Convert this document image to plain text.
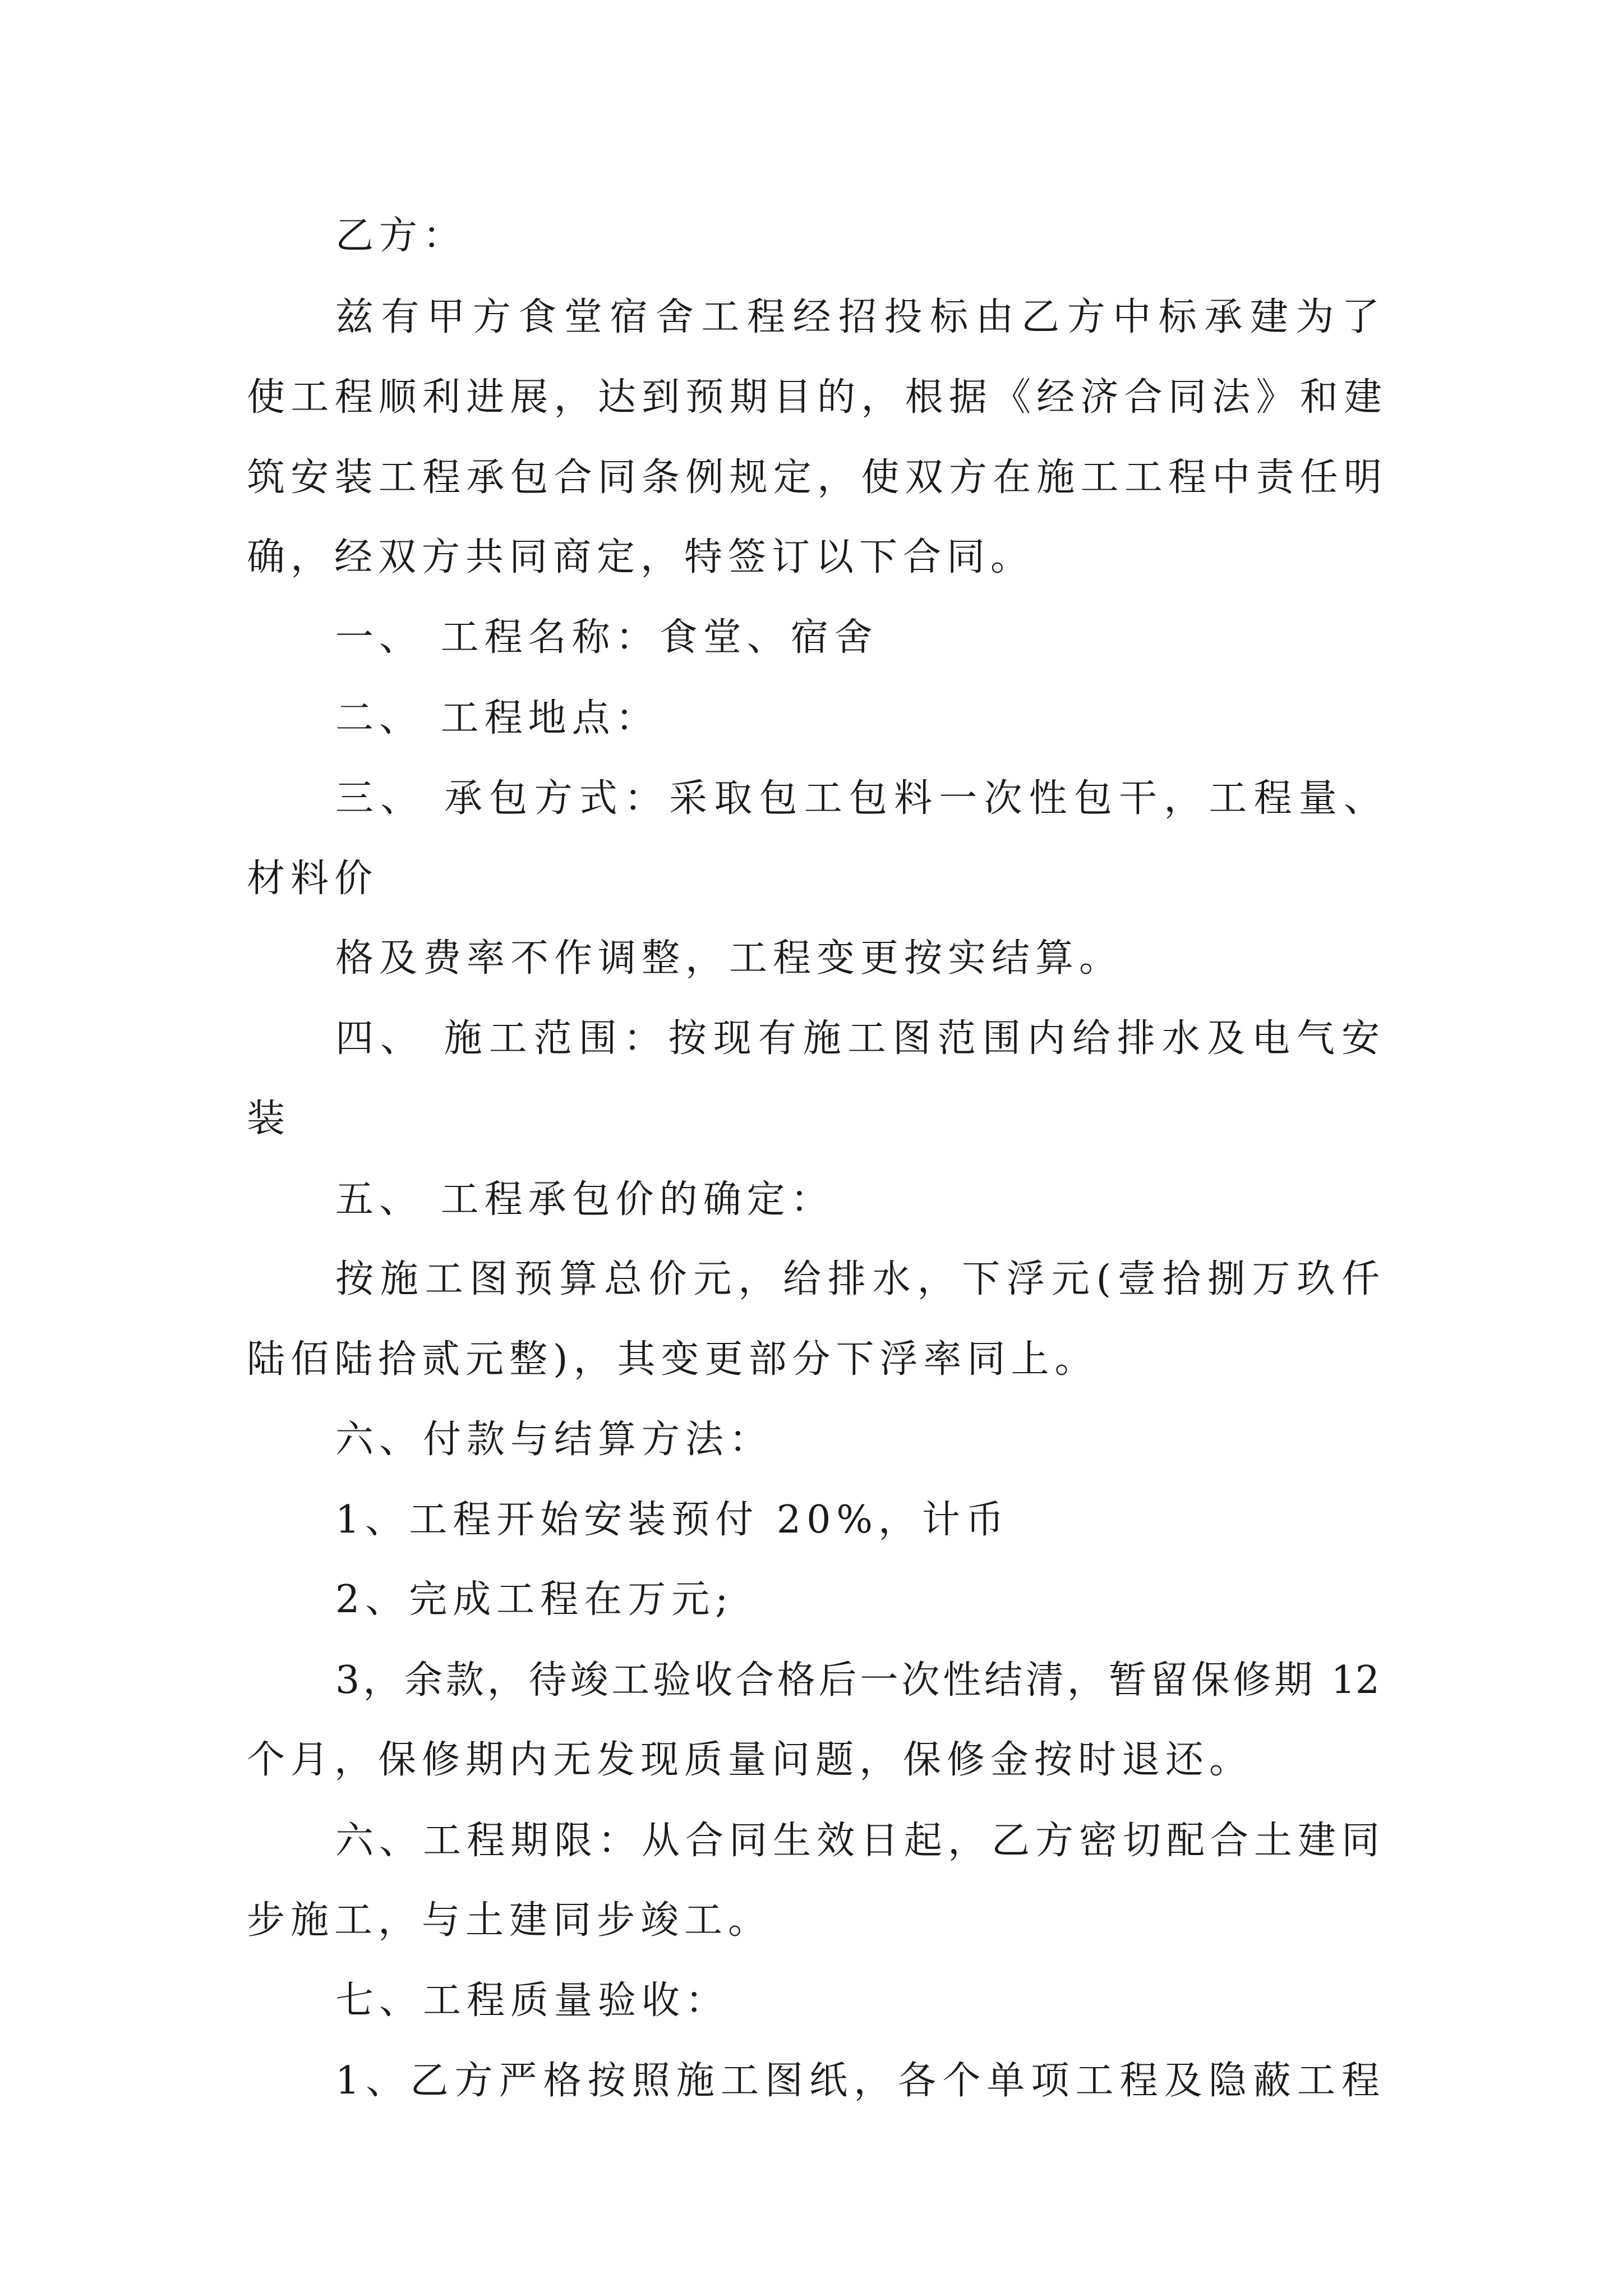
乙方：
兹有甲方食堂宿舍工程经招投标由乙方中标承建为了
使工程顺利进展，达到预期目的，根据《经济合同法》和建
筑安装工程承包合同条例规定，使双方在施工工程中责任明
确，经双方共同商定，特签订以下合同。
一、 工程名称：食堂、宿舍
二、 工程地点：
三、 承包方式：采取包工包料一次性包干，工程量、
材料价
格及费率不作调整，工程变更按实结算。
四、 施工范围：按现有施工图范围内给排水及电气安
装
五、 工程承包价的确定：
按施工图预算总价元，给排水，下浮元(壹拾捌万玖仟
陆佰陆拾贰元整)，其变更部分下浮率同上。
六、付款与结算方法：
1、工程开始安装预付 20%，计币
2、完成工程在万元;
3，余款，待竣工验收合格后一次性结清，暂留保修期 12
个月，保修期内无发现质量问题，保修金按时退还。
六、工程期限：从合同生效日起，乙方密切配合土建同
步施工，与土建同步竣工。
七、工程质量验收：
1、乙方严格按照施工图纸，各个单项工程及隐蔽工程
